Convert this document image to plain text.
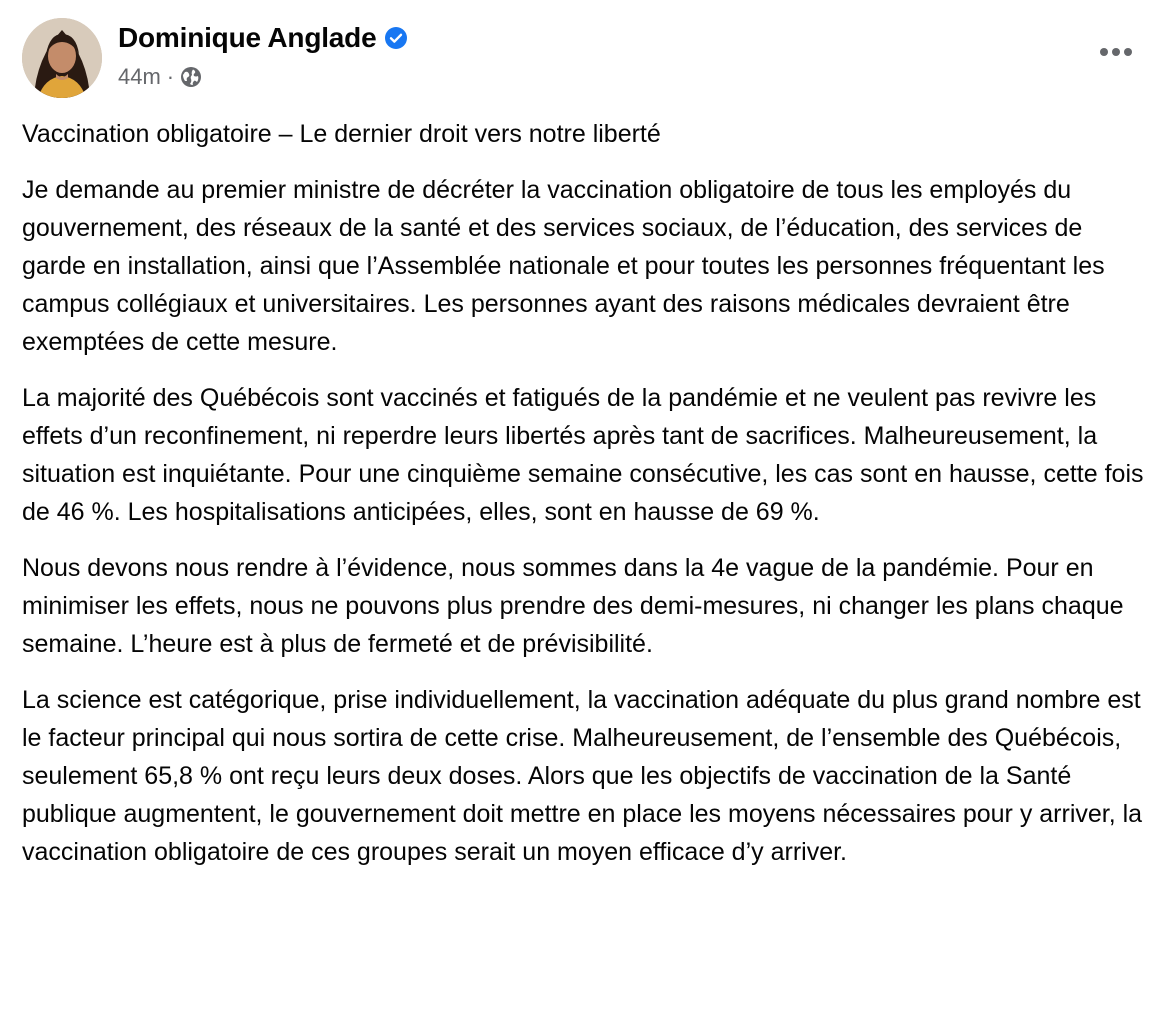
Dominique Anglade
44m ·

Vaccination obligatoire – Le dernier droit vers notre liberté

Je demande au premier ministre de décréter la vaccination obligatoire de tous les employés du gouvernement, des réseaux de la santé et des services sociaux, de l’éducation, des services de garde en installation, ainsi que l’Assemblée nationale et pour toutes les personnes fréquentant les campus collégiaux et universitaires. Les personnes ayant des raisons médicales devraient être exemptées de cette mesure.

La majorité des Québécois sont vaccinés et fatigués de la pandémie et ne veulent pas revivre les effets d’un reconfinement, ni reperdre leurs libertés après tant de sacrifices. Malheureusement, la situation est inquiétante. Pour une cinquième semaine consécutive, les cas sont en hausse, cette fois de 46 %. Les hospitalisations anticipées, elles, sont en hausse de 69 %.

Nous devons nous rendre à l’évidence, nous sommes dans la 4e vague de la pandémie. Pour en minimiser les effets, nous ne pouvons plus prendre des demi-mesures, ni changer les plans chaque semaine. L’heure est à plus de fermeté et de prévisibilité.

La science est catégorique, prise individuellement, la vaccination adéquate du plus grand nombre est le facteur principal qui nous sortira de cette crise. Malheureusement, de l’ensemble des Québécois, seulement 65,8 % ont reçu leurs deux doses. Alors que les objectifs de vaccination de la Santé publique augmentent, le gouvernement doit mettre en place les moyens nécessaires pour y arriver, la vaccination obligatoire de ces groupes serait un moyen efficace d’y arriver.
